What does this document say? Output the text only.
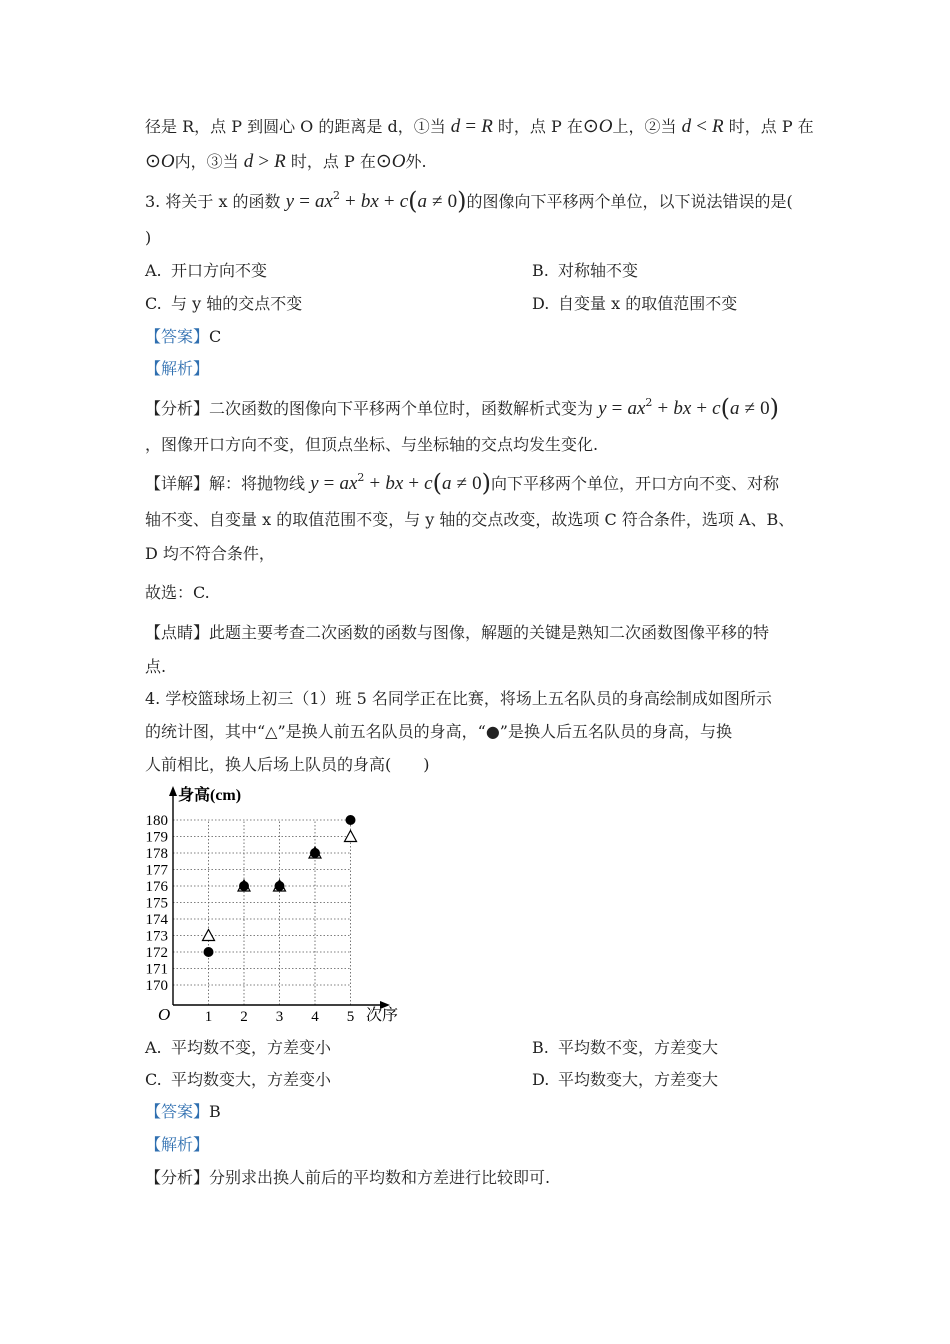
径是 R，点 P 到圆心 O 的距离是 d，①当 d = R 时，点 P 在⊙O上，②当 d < R 时，点 P 在
⊙O内，③当 d > R 时，点 P 在⊙O外.
3. 将关于 x 的函数 $y = ax^2$ + bx + c(a ≠ 0)的图像向下平移两个单位，以下说法错误的是(
)
A. 开口方向不变	B. 对称轴不变
C. 与 y 轴的交点不变	D. 自变量 x 的取值范围不变
【答案】C
【解析】
【分析】二次函数的图像向下平移两个单位时，函数解析式变为 $y = ax^2$ + bx + c(a ≠ 0)
，图像开口方向不变，但顶点坐标、与坐标轴的交点均发生变化.
【详解】解：将抛物线 $y = ax^2$ + bx + c(a ≠ 0)向下平移两个单位，开口方向不变、对称
轴不变、自变量 x 的取值范围不变，与 y 轴的交点改变，故选项 C 符合条件，选项 A、B、
D 均不符合条件，
故选：C.
【点睛】此题主要考查二次函数的函数与图像，解题的关键是熟知二次函数图像平移的特
点.
4. 学校篮球场上初三（1）班 5 名同学正在比赛，将场上五名队员的身高绘制成如图所示
的统计图，其中“△”是换人前五名队员的身高，“●”是换人后五名队员的身高，与换
人前相比，换人后场上队员的身高(　　)
身高(cm)
次序
O
170
171
172
173
174
175
176
177
178
179
180
1 2 3 4 5
A. 平均数不变，方差变小	B. 平均数不变，方差变大
C. 平均数变大，方差变小	D. 平均数变大，方差变大
【答案】B
【解析】
【分析】分别求出换人前后的平均数和方差进行比较即可.
